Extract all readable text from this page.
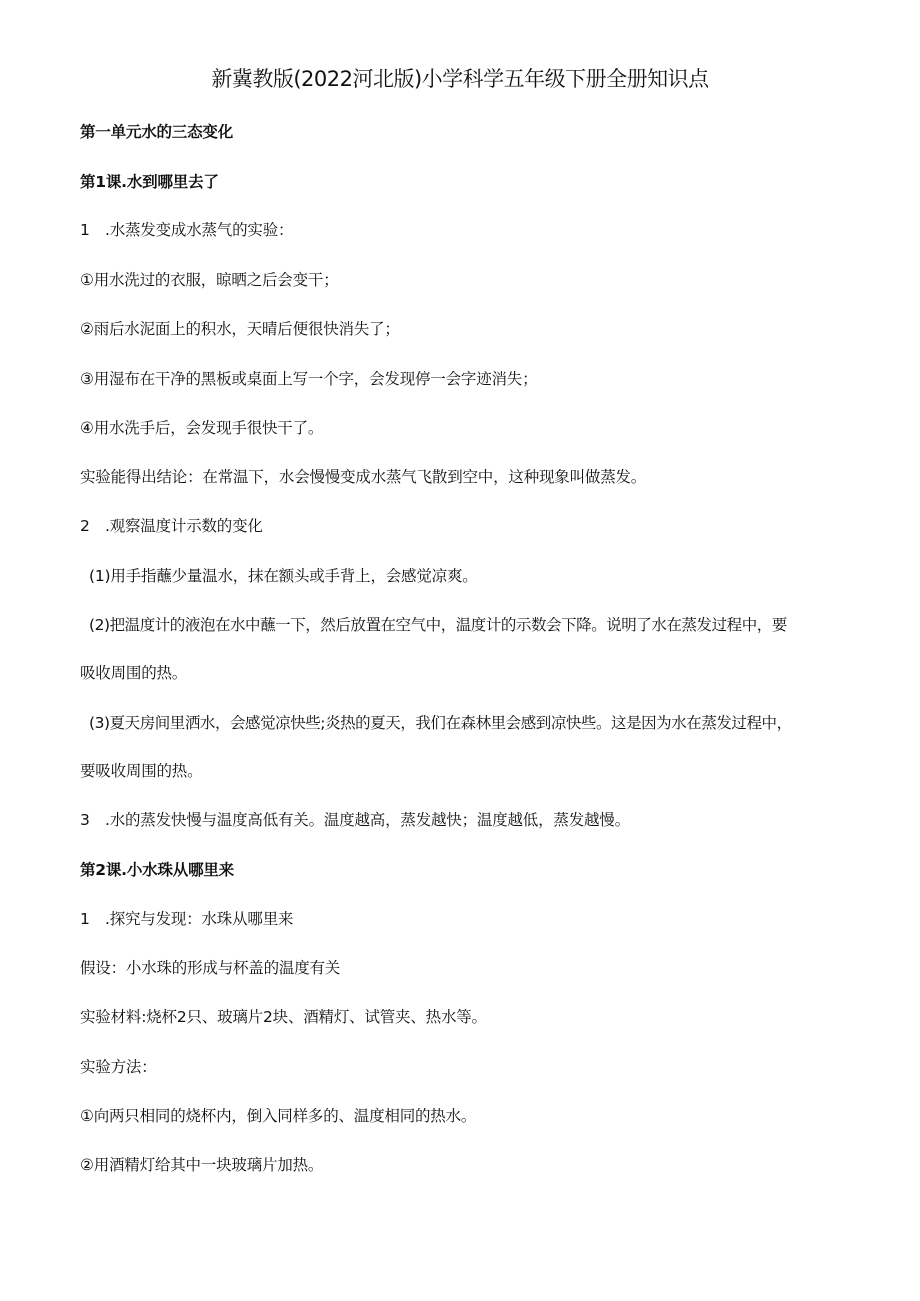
新冀教版(2022河北版)小学科学五年级下册全册知识点
第一单元水的三态变化
第1课.水到哪里去了
1　.水蒸发变成水蒸气的实验：
①用水洗过的衣服，晾晒之后会变干；
②雨后水泥面上的积水，天晴后便很快消失了；
③用湿布在干净的黑板或桌面上写一个字，会发现停一会字迹消失；
④用水洗手后，会发现手很快干了。
实验能得出结论：在常温下，水会慢慢变成水蒸气飞散到空中，这种现象叫做蒸发。
2　.观察温度计示数的变化
(1)用手指蘸少量温水，抹在额头或手背上，会感觉凉爽。
(2)把温度计的液泡在水中蘸一下，然后放置在空气中，温度计的示数会下降。说明了水在蒸发过程中，要
吸收周围的热。
(3)夏天房间里洒水，会感觉凉快些;炎热的夏天，我们在森林里会感到凉快些。这是因为水在蒸发过程中，
要吸收周围的热。
3　.水的蒸发快慢与温度高低有关。温度越高，蒸发越快；温度越低，蒸发越慢。
第2课.小水珠从哪里来
1　.探究与发现：水珠从哪里来
假设：小水珠的形成与杯盖的温度有关
实验材料:烧杯2只、玻璃片2块、酒精灯、试管夹、热水等。
实验方法：
①向两只相同的烧杯内，倒入同样多的、温度相同的热水。
②用酒精灯给其中一块玻璃片加热。
